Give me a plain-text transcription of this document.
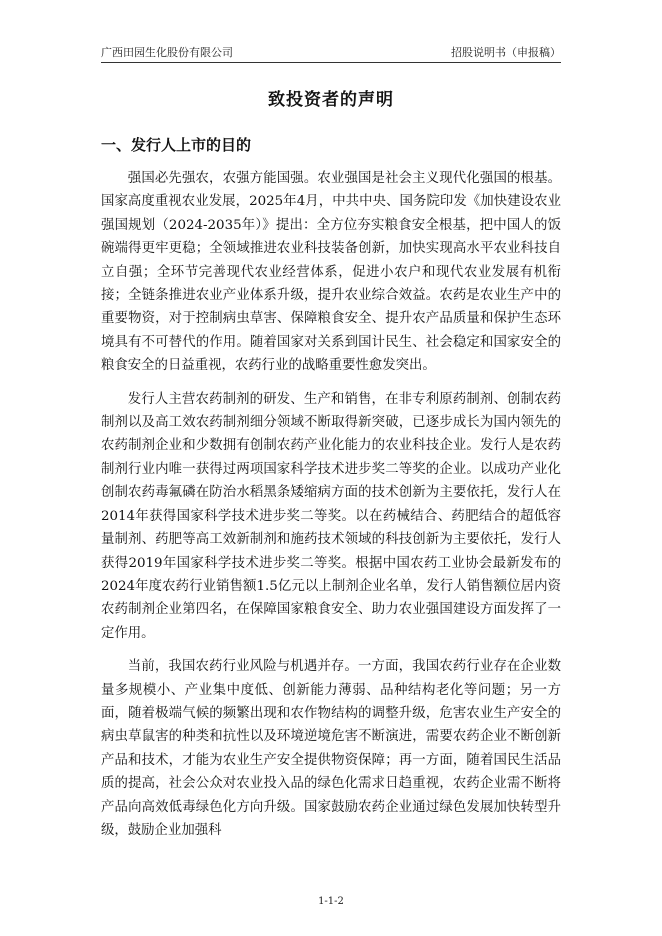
广西田园生化股份有限公司	招股说明书（申报稿）
致投资者的声明
一、发行人上市的目的

强国必先强农，农强方能国强。农业强国是社会主义现代化强国的根基。国家高度重视农业发展，2025年4月，中共中央、国务院印发《加快建设农业强国规划（2024-2035年）》提出：全方位夯实粮食安全根基，把中国人的饭碗端得更牢更稳；全领域推进农业科技装备创新，加快实现高水平农业科技自立自强；全环节完善现代农业经营体系，促进小农户和现代农业发展有机衔接；全链条推进农业产业体系升级，提升农业综合效益。农药是农业生产中的重要物资，对于控制病虫草害、保障粮食安全、提升农产品质量和保护生态环境具有不可替代的作用。随着国家对关系到国计民生、社会稳定和国家安全的粮食安全的日益重视，农药行业的战略重要性愈发突出。

发行人主营农药制剂的研发、生产和销售，在非专利原药制剂、创制农药制剂以及高工效农药制剂细分领域不断取得新突破，已逐步成长为国内领先的农药制剂企业和少数拥有创制农药产业化能力的农业科技企业。发行人是农药制剂行业内唯一获得过两项国家科学技术进步奖二等奖的企业。以成功产业化创制农药毒氟磷在防治水稻黑条矮缩病方面的技术创新为主要依托，发行人在2014年获得国家科学技术进步奖二等奖。以在药械结合、药肥结合的超低容量制剂、药肥等高工效新制剂和施药技术领域的科技创新为主要依托，发行人获得2019年国家科学技术进步奖二等奖。根据中国农药工业协会最新发布的2024年度农药行业销售额1.5亿元以上制剂企业名单，发行人销售额位居内资农药制剂企业第四名，在保障国家粮食安全、助力农业强国建设方面发挥了一定作用。

当前，我国农药行业风险与机遇并存。一方面，我国农药行业存在企业数量多规模小、产业集中度低、创新能力薄弱、品种结构老化等问题；另一方面，随着极端气候的频繁出现和农作物结构的调整升级，危害农业生产安全的病虫草鼠害的种类和抗性以及环境逆境危害不断演进，需要农药企业不断创新产品和技术，才能为农业生产安全提供物资保障；再一方面，随着国民生活品质的提高，社会公众对农业投入品的绿色化需求日趋重视，农药企业需不断将产品向高效低毒绿色化方向升级。国家鼓励农药企业通过绿色发展加快转型升级，鼓励企业加强科

1-1-2
